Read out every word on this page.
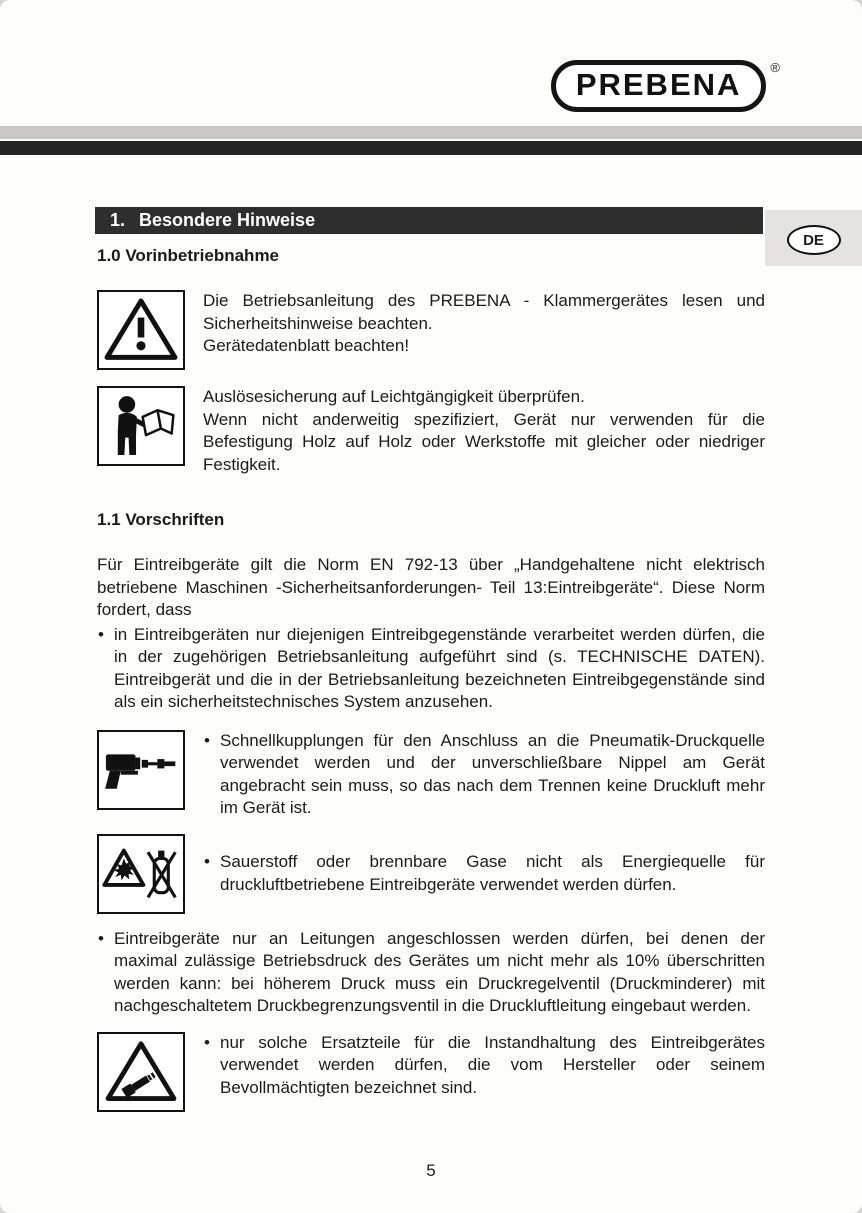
PREBENA	®
1. Besondere Hinweise
DE
1.0 Vorinbetriebnahme

Die Betriebsanleitung des PREBENA - Klammergerätes lesen und Sicherheitshinweise beachten.

Gerätedatenblatt beachten!

Auslösesicherung auf Leichtgängigkeit überprüfen.

Wenn nicht anderweitig spezifiziert, Gerät nur verwenden für die Befestigung Holz auf Holz oder Werkstoffe mit gleicher oder niedriger Festigkeit.

1.1 Vorschriften

Für Eintreibgeräte gilt die Norm EN 792-13 über „Handgehaltene nicht elektrisch betriebene Maschinen -Sicherheitsanforderungen- Teil 13:Eintreibgeräte“. Diese Norm fordert, dass

• in Eintreibgeräten nur diejenigen Eintreibgegenstände verarbeitet werden dürfen, die in der zugehörigen Betriebsanleitung aufgeführt sind (s. TECHNISCHE DATEN). Eintreibgerät und die in der Betriebsanleitung bezeichneten Eintreibgegenstände sind als ein sicherheitstechnisches System anzusehen.
• Schnellkupplungen für den Anschluss an die Pneumatik-Druckquelle verwendet werden und der unverschließbare Nippel am Gerät angebracht sein muss, so das nach dem Trennen keine Druckluft mehr im Gerät ist.
• Sauerstoff oder brennbare Gase nicht als Energiequelle für druckluftbetriebene Eintreibgeräte verwendet werden dürfen.
• Eintreibgeräte nur an Leitungen angeschlossen werden dürfen, bei denen der maximal zulässige Betriebsdruck des Gerätes um nicht mehr als 10% überschritten werden kann: bei höherem Druck muss ein Druckregelventil (Druckminderer) mit nachgeschaltetem Druckbegrenzungsventil in die Druckluftleitung eingebaut werden.
• nur solche Ersatzteile für die Instandhaltung des Eintreibgerätes verwendet werden dürfen, die vom Hersteller oder seinem Bevollmächtigten bezeichnet sind.
5
